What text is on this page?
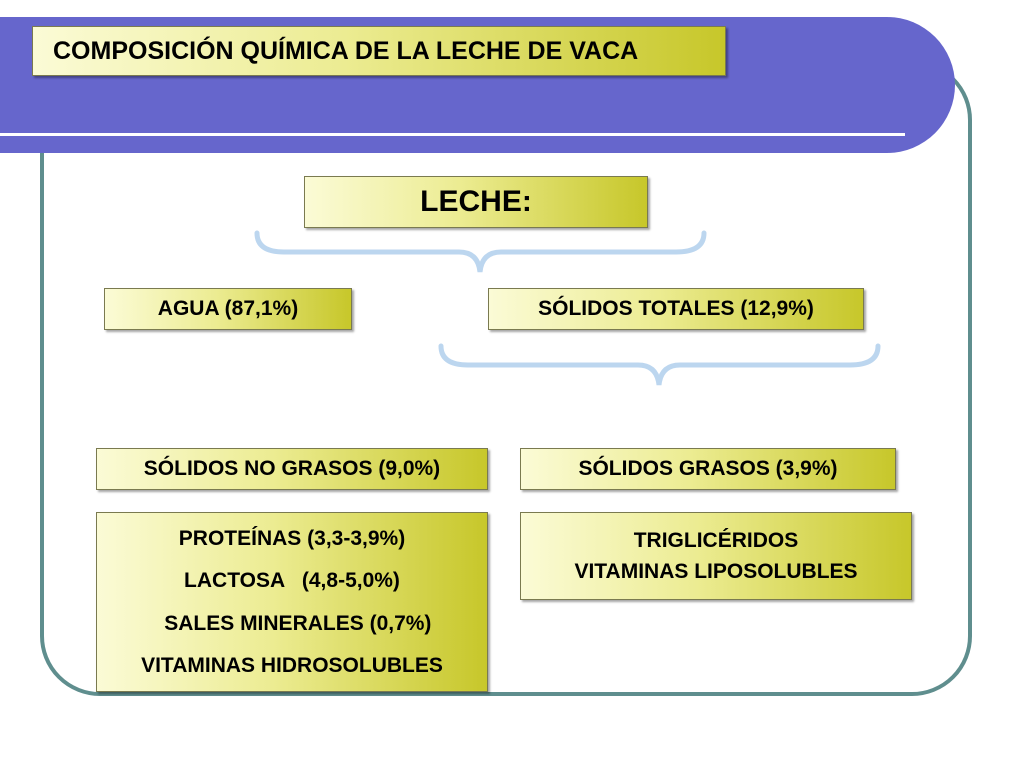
COMPOSICIÓN QUÍMICA DE LA LECHE DE VACA
LECHE:
AGUA (87,1%)	SÓLIDOS TOTALES (12,9%)
SÓLIDOS NO GRASOS (9,0%)	SÓLIDOS GRASOS (3,9%)
PROTEÍNAS (3,3-3,9%)
LACTOSA   (4,8-5,0%)
SALES MINERALES (0,7%)
VITAMINAS HIDROSOLUBLES
TRIGLICÉRIDOS
VITAMINAS LIPOSOLUBLES
